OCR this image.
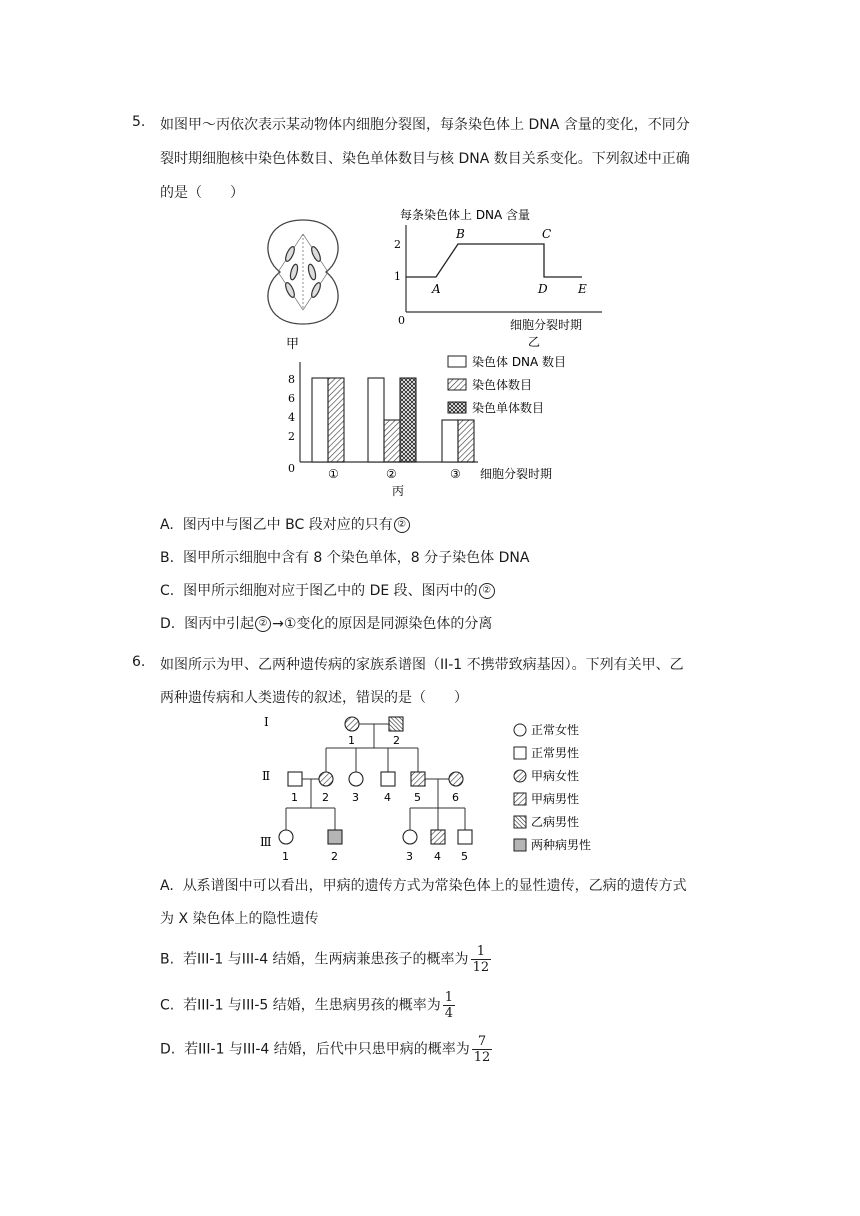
5. 如图甲～丙依次表示某动物体内细胞分裂图，每条染色体上 DNA 含量的变化，不同分
裂时期细胞核中染色体数目、染色单体数目与核 DNA 数目关系变化。下列叙述中正确
的是（　　）
甲
每条染色体上 DNA 含量
2
1
0
A
B	C
D	E
细胞分裂时期
乙
8
6
4
2
0	①	②	③
丙
细胞分裂时期
染色体 DNA 数目
染色体数目
染色单体数目
A. 图丙中与图乙中 BC 段对应的只有 ②
B. 图甲所示细胞中含有 8 个染色单体，8 分子染色体 DNA
C. 图甲所示细胞对应于图乙中的 DE 段、图丙中的 ②
D. 图丙中引起 ② →①变化的原因是同源染色体的分离
6. 如图所示为甲、乙两种遗传病的家族系谱图（II-1 不携带致病基因）。下列有关甲、乙
两种遗传病和人类遗传的叙述，错误的是（　　）
Ⅰ
Ⅱ
Ⅲ
1	2
1 2 3 4 5	6
1	2	3 4 5
正常女性
正常男性
甲病女性
甲病男性
乙病男性
两种病男性
A. 从系谱图中可以看出，甲病的遗传方式为常染色体上的显性遗传，乙病的遗传方式
为 X 染色体上的隐性遗传
B. 若III-1 与III-4 结婚，生两病兼患孩子的概率为 $\frac{1}{12}$
C. 若III-1 与III-5 结婚，生患病男孩的概率为 $\frac{1}{4}$
D. 若III-1 与III-4 结婚，后代中只患甲病的概率为 $\frac{7}{12}$
